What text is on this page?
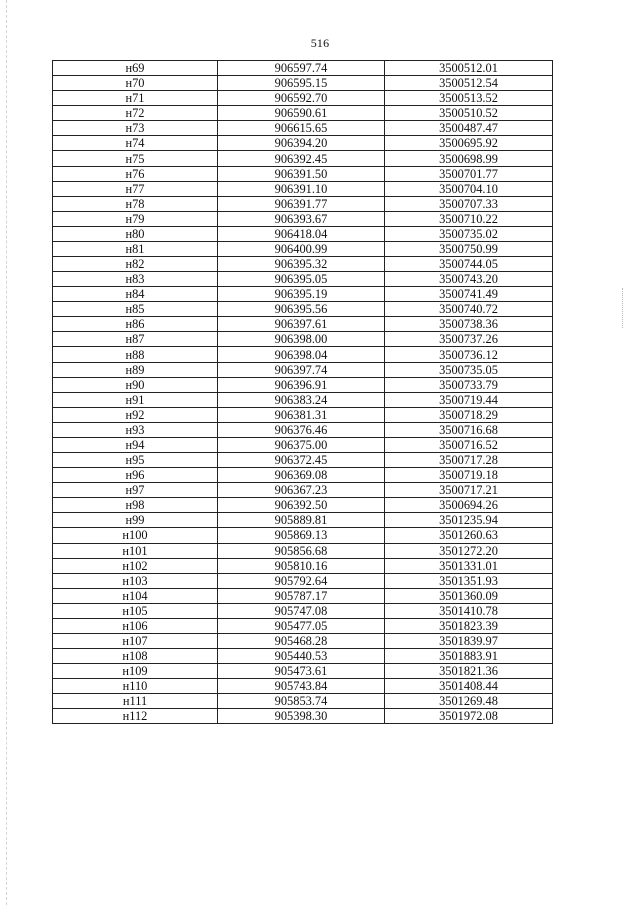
516
н69	906597.74	3500512.01
н70	906595.15	3500512.54
н71	906592.70	3500513.52
н72	906590.61	3500510.52
н73	906615.65	3500487.47
н74	906394.20	3500695.92
н75	906392.45	3500698.99
н76	906391.50	3500701.77
н77	906391.10	3500704.10
н78	906391.77	3500707.33
н79	906393.67	3500710.22
н80	906418.04	3500735.02
н81	906400.99	3500750.99
н82	906395.32	3500744.05
н83	906395.05	3500743.20
н84	906395.19	3500741.49
н85	906395.56	3500740.72
н86	906397.61	3500738.36
н87	906398.00	3500737.26
н88	906398.04	3500736.12
н89	906397.74	3500735.05
н90	906396.91	3500733.79
н91	906383.24	3500719.44
н92	906381.31	3500718.29
н93	906376.46	3500716.68
н94	906375.00	3500716.52
н95	906372.45	3500717.28
н96	906369.08	3500719.18
н97	906367.23	3500717.21
н98	906392.50	3500694.26
н99	905889.81	3501235.94
н100	905869.13	3501260.63
н101	905856.68	3501272.20
н102	905810.16	3501331.01
н103	905792.64	3501351.93
н104	905787.17	3501360.09
н105	905747.08	3501410.78
н106	905477.05	3501823.39
н107	905468.28	3501839.97
н108	905440.53	3501883.91
н109	905473.61	3501821.36
н110	905743.84	3501408.44
н111	905853.74	3501269.48
н112	905398.30	3501972.08
